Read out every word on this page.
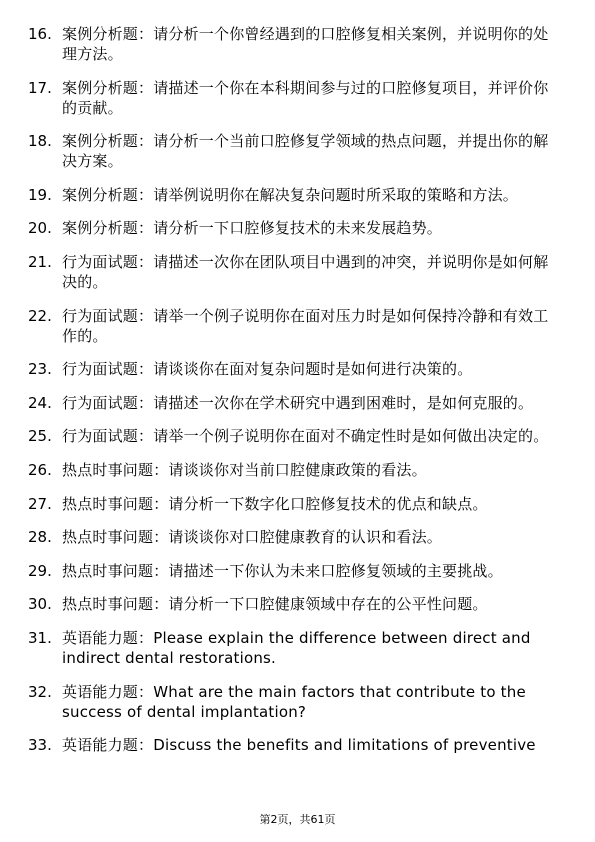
16. 案例分析题：请分析一个你曾经遇到的口腔修复相关案例，并说明你的处理方法。
17. 案例分析题：请描述一个你在本科期间参与过的口腔修复项目，并评价你的贡献。
18. 案例分析题：请分析一个当前口腔修复学领域的热点问题，并提出你的解决方案。
19. 案例分析题：请举例说明你在解决复杂问题时所采取的策略和方法。
20. 案例分析题：请分析一下口腔修复技术的未来发展趋势。
21. 行为面试题：请描述一次你在团队项目中遇到的冲突，并说明你是如何解决的。
22. 行为面试题：请举一个例子说明你在面对压力时是如何保持冷静和有效工作的。
23. 行为面试题：请谈谈你在面对复杂问题时是如何进行决策的。
24. 行为面试题：请描述一次你在学术研究中遇到困难时，是如何克服的。
25. 行为面试题：请举一个例子说明你在面对不确定性时是如何做出决定的。
26. 热点时事问题：请谈谈你对当前口腔健康政策的看法。
27. 热点时事问题：请分析一下数字化口腔修复技术的优点和缺点。
28. 热点时事问题：请谈谈你对口腔健康教育的认识和看法。
29. 热点时事问题：请描述一下你认为未来口腔修复领域的主要挑战。
30. 热点时事问题：请分析一下口腔健康领域中存在的公平性问题。
31. 英语能力题：Please explain the difference between direct and indirect dental restorations.
32. 英语能力题：What are the main factors that contribute to the success of dental implantation?
33. 英语能力题：Discuss the benefits and limitations of preventive
第2页，共61页
